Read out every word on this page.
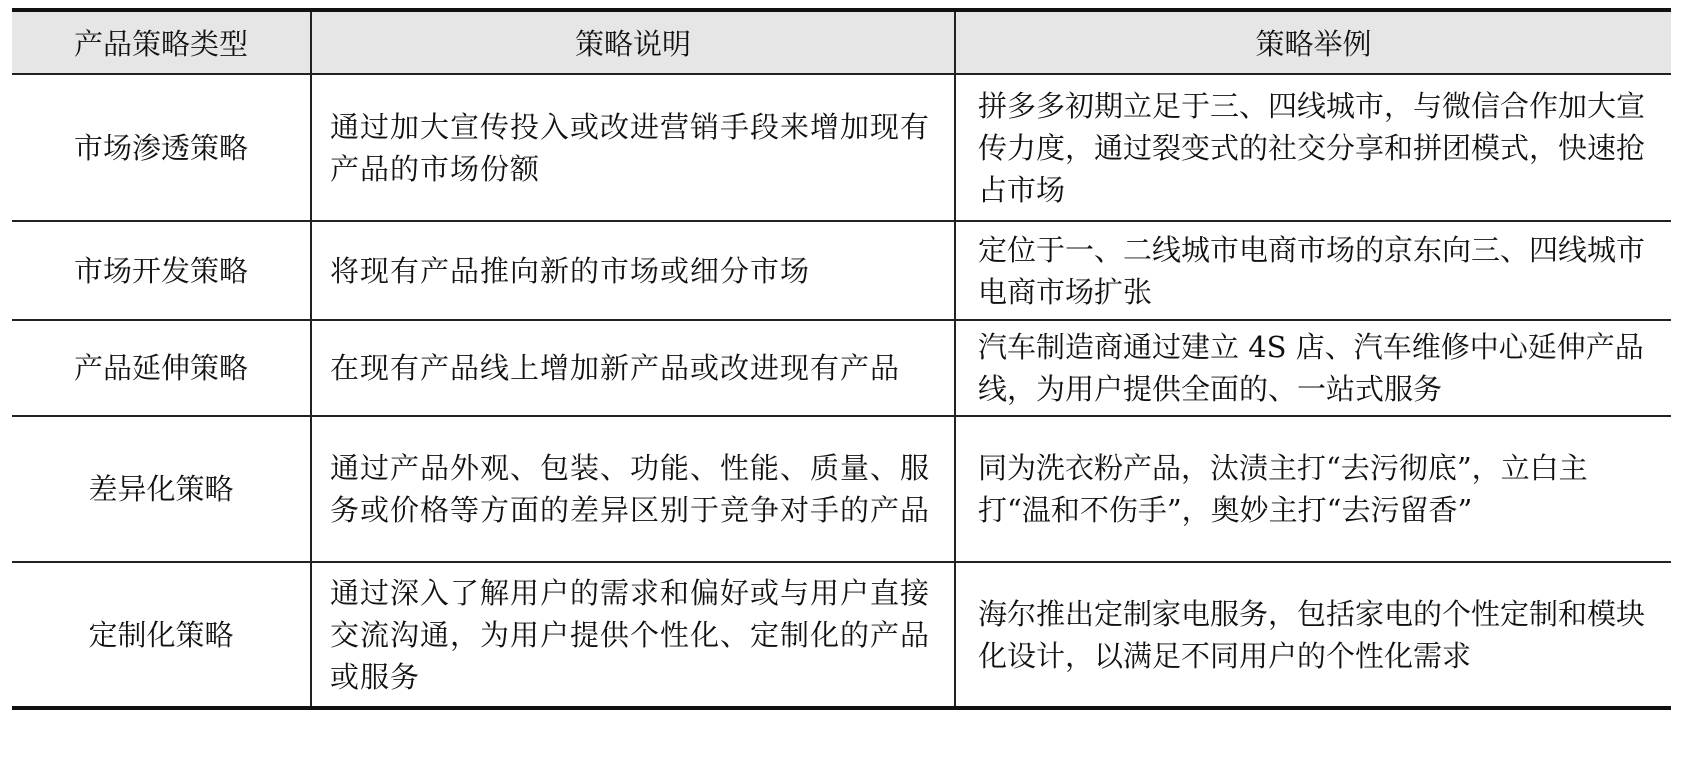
产品策略类型	策略说明	策略举例
市场渗透策略	通过加大宣传投入或改进营销手段来增加现有产品的市场份额	拼多多初期立足于三、四线城市，与微信合作加大宣传力度，通过裂变式的社交分享和拼团模式，快速抢占市场
市场开发策略	将现有产品推向新的市场或细分市场	定位于一、二线城市电商市场的京东向三、四线城市电商市场扩张
产品延伸策略	在现有产品线上增加新产品或改进现有产品	汽车制造商通过建立 4S 店、汽车维修中心延伸产品线，为用户提供全面的、一站式服务
差异化策略	通过产品外观、包装、功能、性能、质量、服务或价格等方面的差异区别于竞争对手的产品	同为洗衣粉产品，汰渍主打“去污彻底”，立白主打“温和不伤手”，奥妙主打“去污留香”
定制化策略	通过深入了解用户的需求和偏好或与用户直接交流沟通，为用户提供个性化、定制化的产品或服务	海尔推出定制家电服务，包括家电的个性定制和模块化设计，以满足不同用户的个性化需求
